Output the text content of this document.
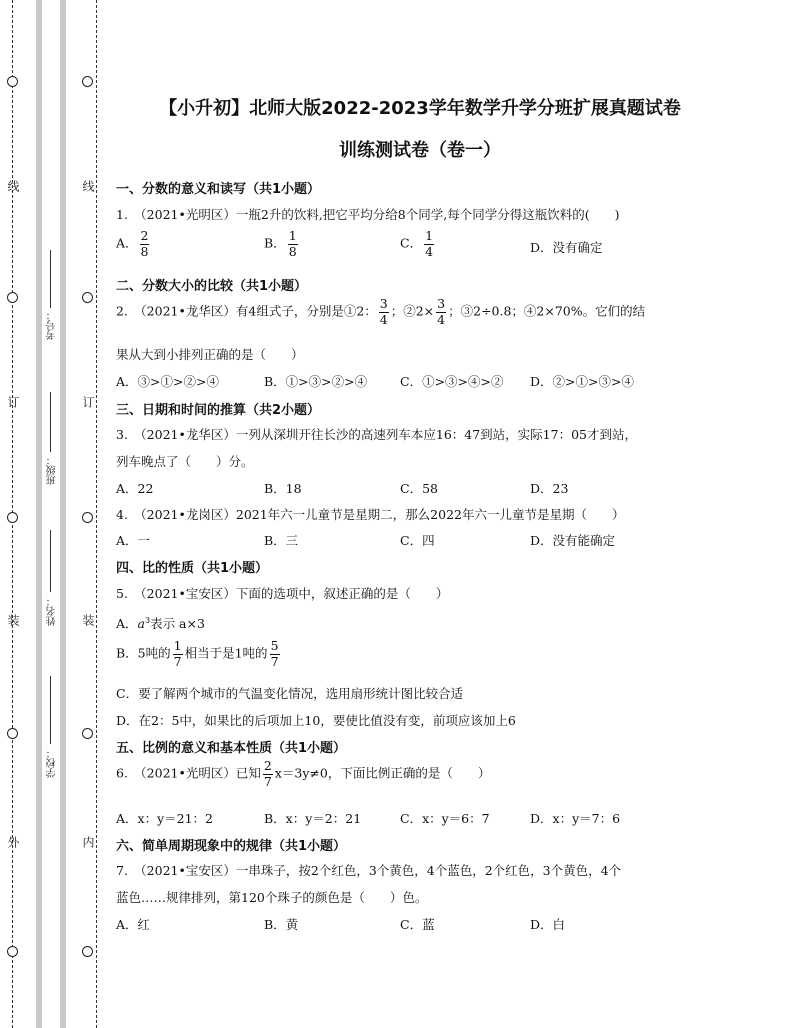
线
订
装
外
线
订
装
内
考号：
班级：
姓名：
学校：
【小升初】北师大版2022-2023学年数学升学分班扩展真题试卷
训练测试卷（卷一）
一、分数的意义和读写（共1小题）
1.　（2021•光明区）一瓶2升的饮料,把它平均分给8个同学,每个同学分得这瓶饮料的(　　)
A． $\frac{2}{8}$	B． $\frac{1}{8}$	C． $\frac{1}{4}$	D．没有确定
二、分数大小的比较（共1小题）
2.　（2021•龙华区）有4组式子，分别是①2： $\frac{3}{4}$ ；②2× $\frac{3}{4}$ ；③2÷0.8；④2×70%。它们的结
果从大到小排列正确的是（　　）
A．③>①>②>④	B．①>③>②>④	C．①>③>④>② D．②>①>③>④
三、日期和时间的推算（共2小题）
3.　（2021•龙华区）一列从深圳开往长沙的高速列车本应16：47到站，实际17：05才到站，
列车晚点了（　　）分。
A．22	B．18	C．58	D．23
4.　（2021•龙岗区）2021年六一儿童节是星期二，那么2022年六一儿童节是星期（　　）
A．一	B．三	C．四	D．没有能确定
四、比的性质（共1小题）
5.　（2021•宝安区）下面的选项中，叙述正确的是（　　）
A．$a^3$表示 a×3
B．5吨的 $\frac{1}{7}$ 相当于是1吨的 $\frac{5}{7}$
C．要了解两个城市的气温变化情况，选用扇形统计图比较合适
D．在2：5中，如果比的后项加上10，要使比值没有变，前项应该加上6
五、比例的意义和基本性质（共1小题）
6.　（2021•光明区）已知 $\frac{2}{7} x=3y\ne 0$，下面比例正确的是（　　）
A．x：y＝21：2	B．x：y＝2：21	C．x：y＝6：7	D．x：y＝7：6
六、简单周期现象中的规律（共1小题）
7.　（2021•宝安区）一串珠子，按2个红色，3个黄色，4个蓝色，2个红色，3个黄色，4个
蓝色……规律排列，第120个珠子的颜色是（　　）色。
A．红	B．黄	C．蓝	D．白
